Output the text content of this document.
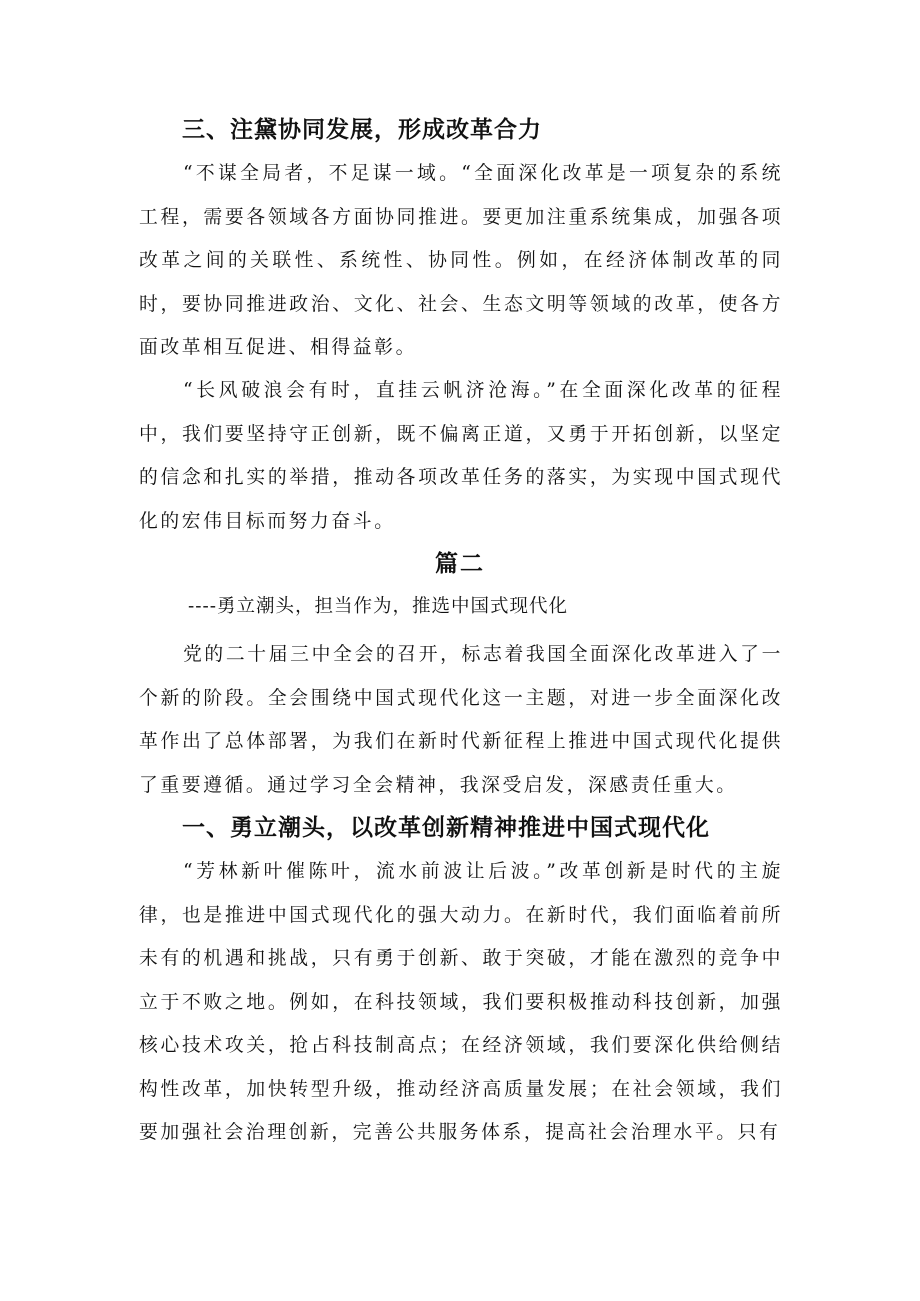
三、注黛协同发展，形成改革合力

“不谋全局者，不足谋一域。“全面深化改革是一项复杂的系统工程，需要各领域各方面协同推进。要更加注重系统集成，加强各项改革之间的关联性、系统性、协同性。例如，在经济体制改革的同时，要协同推进政治、文化、社会、生态文明等领域的改革，使各方面改革相互促进、相得益彰。

“长风破浪会有时，直挂云帆济沧海。”在全面深化改革的征程中，我们要坚持守正创新，既不偏离正道，又勇于开拓创新，以坚定的信念和扎实的举措，推动各项改革任务的落实，为实现中国式现代化的宏伟目标而努力奋斗。

篇二
----勇立潮头，担当作为，推选中国式现代化

党的二十届三中全会的召开，标志着我国全面深化改革进入了一个新的阶段。全会围绕中国式现代化这一主题，对进一步全面深化改革作出了总体部署，为我们在新时代新征程上推进中国式现代化提供了重要遵循。通过学习全会精神，我深受启发，深感责任重大。

一、勇立潮头，以改革创新精神推进中国式现代化

“芳林新叶催陈叶，流水前波让后波。”改革创新是时代的主旋律，也是推进中国式现代化的强大动力。在新时代，我们面临着前所未有的机遇和挑战，只有勇于创新、敢于突破，才能在激烈的竞争中立于不败之地。例如，在科技领域，我们要积极推动科技创新，加强核心技术攻关，抢占科技制高点；在经济领域，我们要深化供给侧结构性改革，加快转型升级，推动经济高质量发展；在社会领域，我们要加强社会治理创新，完善公共服务体系，提高社会治理水平。只有
